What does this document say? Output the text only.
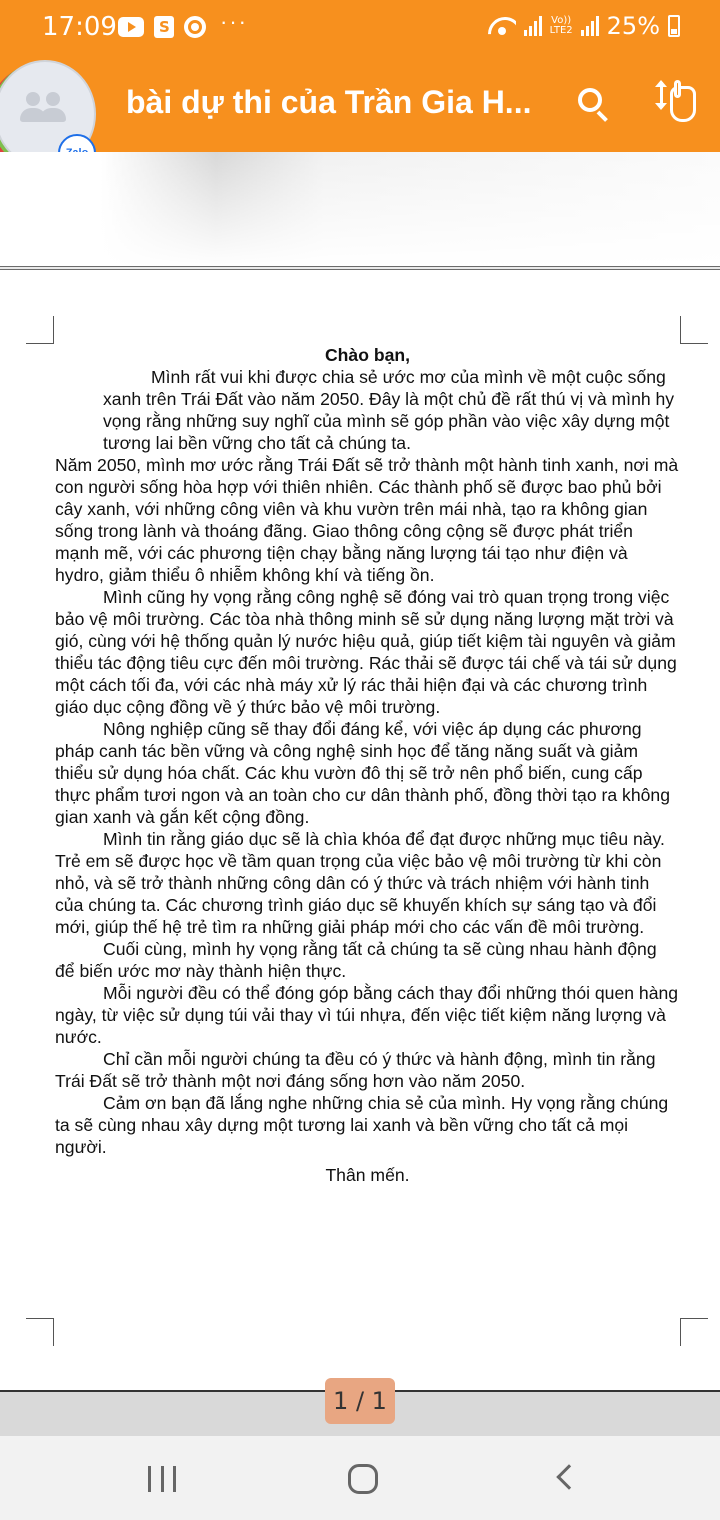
17:09
S	···	Vo))
LTE2 25%
bài dự thi của Trần Gia H...

Chào bạn,

Mình rất vui khi được chia sẻ ước mơ của mình về một cuộc sống xanh trên Trái Đất vào năm 2050. Đây là một chủ đề rất thú vị và mình hy vọng rằng những suy nghĩ của mình sẽ góp phần vào việc xây dựng một tương lai bền vững cho tất cả chúng ta.

Năm 2050, mình mơ ước rằng Trái Đất sẽ trở thành một hành tinh xanh, nơi mà con người sống hòa hợp với thiên nhiên. Các thành phố sẽ được bao phủ bởi cây xanh, với những công viên và khu vườn trên mái nhà, tạo ra không gian sống trong lành và thoáng đãng. Giao thông công cộng sẽ được phát triển mạnh mẽ, với các phương tiện chạy bằng năng lượng tái tạo như điện và hydro, giảm thiểu ô nhiễm không khí và tiếng ồn.

Mình cũng hy vọng rằng công nghệ sẽ đóng vai trò quan trọng trong việc bảo vệ môi trường. Các tòa nhà thông minh sẽ sử dụng năng lượng mặt trời và gió, cùng với hệ thống quản lý nước hiệu quả, giúp tiết kiệm tài nguyên và giảm thiểu tác động tiêu cực đến môi trường. Rác thải sẽ được tái chế và tái sử dụng một cách tối đa, với các nhà máy xử lý rác thải hiện đại và các chương trình giáo dục cộng đồng về ý thức bảo vệ môi trường.

Nông nghiệp cũng sẽ thay đổi đáng kể, với việc áp dụng các phương pháp canh tác bền vững và công nghệ sinh học để tăng năng suất và giảm thiểu sử dụng hóa chất. Các khu vườn đô thị sẽ trở nên phổ biến, cung cấp thực phẩm tươi ngon và an toàn cho cư dân thành phố, đồng thời tạo ra không gian xanh và gắn kết cộng đồng.

Mình tin rằng giáo dục sẽ là chìa khóa để đạt được những mục tiêu này. Trẻ em sẽ được học về tầm quan trọng của việc bảo vệ môi trường từ khi còn nhỏ, và sẽ trở thành những công dân có ý thức và trách nhiệm với hành tinh của chúng ta. Các chương trình giáo dục sẽ khuyến khích sự sáng tạo và đổi mới, giúp thế hệ trẻ tìm ra những giải pháp mới cho các vấn đề môi trường.

Cuối cùng, mình hy vọng rằng tất cả chúng ta sẽ cùng nhau hành động để biến ước mơ này thành hiện thực.

Mỗi người đều có thể đóng góp bằng cách thay đổi những thói quen hàng ngày, từ việc sử dụng túi vải thay vì túi nhựa, đến việc tiết kiệm năng lượng và nước.

Chỉ cần mỗi người chúng ta đều có ý thức và hành động, mình tin rằng Trái Đất sẽ trở thành một nơi đáng sống hơn vào năm 2050.

Cảm ơn bạn đã lắng nghe những chia sẻ của mình. Hy vọng rằng chúng ta sẽ cùng nhau xây dựng một tương lai xanh và bền vững cho tất cả mọi người.

Thân mến.

1 / 1
